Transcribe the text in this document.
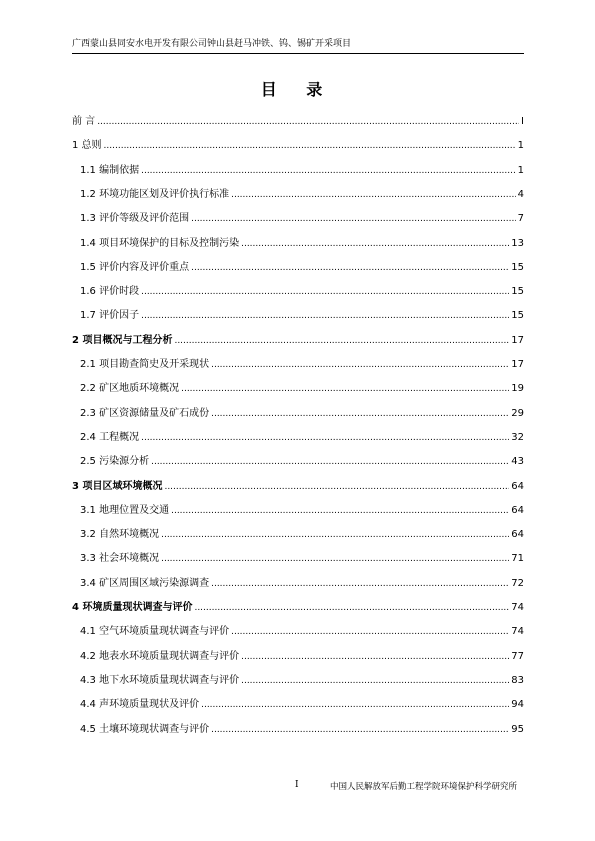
广西蒙山县同安水电开发有限公司钟山县赶马冲铁、钨、锡矿开采项目
目 录
前 言 .....	I
1 总则 .....	1
1.1 编制依据 .....	1
1.2 环境功能区划及评价执行标准 .....	4
1.3 评价等级及评价范围 .....	7
1.4 项目环境保护的目标及控制污染 .....	13
1.5 评价内容及评价重点 .....	15
1.6 评价时段 .....	15
1.7 评价因子 .....	15
2 项目概况与工程分析 .....	17
2.1 项目勘查简史及开采现状 .....	17
2.2 矿区地质环境概况 .....	19
2.3 矿区资源储量及矿石成份 .....	29
2.4 工程概况 .....	32
2.5 污染源分析 .....	43
3 项目区域环境概况 .....	64
3.1 地理位置及交通 .....	64
3.2 自然环境概况 .....	64
3.3 社会环境概况 .....	71
3.4 矿区周围区域污染源调查 .....	72
4 环境质量现状调查与评价 .....	74
4.1 空气环境质量现状调查与评价 .....	74
4.2 地表水环境质量现状调查与评价 .....	77
4.3 地下水环境质量现状调查与评价 .....	83
4.4 声环境质量现状及评价 .....	94
4.5 土壤环境现状调查与评价 .....	95
I	中国人民解放军后勤工程学院环境保护科学研究所
